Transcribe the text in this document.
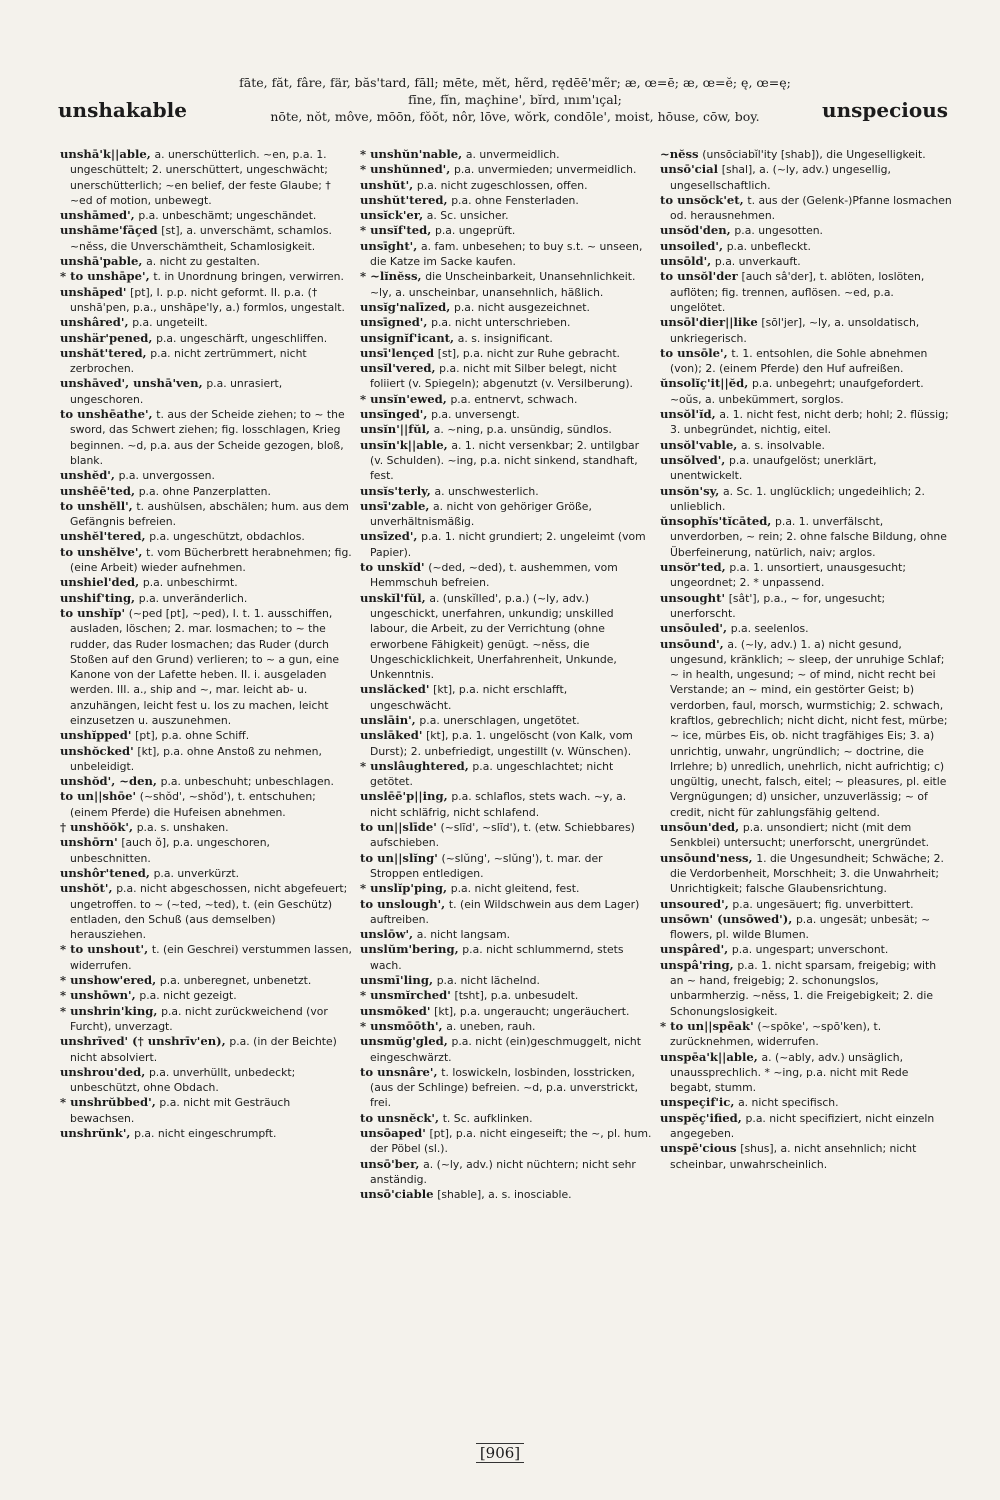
unshakable
fāte, făt, fâre, fär, băs'tard, fāll; mēte, mĕt, hẽrd, rędēē'mẽr; æ, œ=ē; æ, œ=ĕ; ę, œ=ę;
fīne, fĭn, maçhine', bĭrd, ınım'ıçal;
nōte, nŏt, môve, mōōn, fŏŏt, nôr, lōve, wŏrk, condōle', moist, hōuse, cōw, boy.	unspecious

unshā'k||able, a. unerschütterlich. ~en, p.a. 1. ungeschüttelt; 2. unerschüttert, ungeschwächt; unerschütterlich; ~en belief, der feste Glaube; † ~ed of motion, unbewegt.

unshāmed', p.a. unbeschämt; ungeschändet.

unshāme'fāçed [st], a. unverschämt, schamlos. ~nĕss, die Unverschämtheit, Schamlosigkeit.

unshā'pable, a. nicht zu gestalten.

* to unshāpe', t. in Unordnung bringen, verwirren.

unshāped' [pt], I. p.p. nicht geformt. II. p.a. († unshā'pen, p.a., unshāpe'ly, a.) formlos, ungestalt.

unshâred', p.a. ungeteilt.

unshär'pened, p.a. ungeschärft, ungeschliffen.

unshăt'tered, p.a. nicht zertrümmert, nicht zerbrochen.

unshāved', unshā'ven, p.a. unrasiert, ungeschoren.

to unshēathe', t. aus der Scheide ziehen; to ~ the sword, das Schwert ziehen; fig. losschlagen, Krieg beginnen. ~d, p.a. aus der Scheide gezogen, bloß, blank.

unshĕd', p.a. unvergossen.

unshēē'ted, p.a. ohne Panzerplatten.

to unshĕll', t. aushülsen, abschälen; hum. aus dem Gefängnis befreien.

unshĕl'tered, p.a. ungeschützt, obdachlos.

to unshĕlve', t. vom Bücherbrett herabnehmen; fig. (eine Arbeit) wieder aufnehmen.

unshiel'ded, p.a. unbeschirmt.

unshif'ting, p.a. unveränderlich.

to unshĭp' (~ped [pt], ~ped), I. t. 1. ausschiffen, ausladen, löschen; 2. mar. losmachen; to ~ the rudder, das Ruder losmachen; das Ruder (durch Stoßen auf den Grund) verlieren; to ~ a gun, eine Kanone von der Lafette heben. II. i. ausgeladen werden. III. a., ship and ~, mar. leicht ab- u. anzuhängen, leicht fest u. los zu machen, leicht einzusetzen u. auszunehmen.

unshĭpped' [pt], p.a. ohne Schiff.

unshŏcked' [kt], p.a. ohne Anstoß zu nehmen, unbeleidigt.

unshŏd', ~den, p.a. unbeschuht; unbeschlagen.

to un||shōe' (~shŏd', ~shŏd'), t. entschuhen; (einem Pferde) die Hufeisen abnehmen.

† unshŏŏk', p.a. s. unshaken.

unshōrn' [auch ŏ], p.a. ungeschoren, unbeschnitten.

unshôr'tened, p.a. unverkürzt.

unshŏt', p.a. nicht abgeschossen, nicht abgefeuert; ungetroffen. to ~ (~ted, ~ted), t. (ein Geschütz) entladen, den Schuß (aus demselben) herausziehen.

* to unshout', t. (ein Geschrei) verstummen lassen, widerrufen.

* unshow'ered, p.a. unberegnet, unbenetzt.

* unshōwn', p.a. nicht gezeigt.

* unshrin'king, p.a. nicht zurückweichend (vor Furcht), unverzagt.

unshrīved' († unshrīv'en), p.a. (in der Beichte) nicht absolviert.

unshrou'ded, p.a. unverhüllt, unbedeckt; unbeschützt, ohne Obdach.

* unshrŭbbed', p.a. nicht mit Gesträuch bewachsen.

unshrŭnk', p.a. nicht eingeschrumpft.

* unshŭn'nable, a. unvermeidlich.

* unshŭnned', p.a. unvermieden; unvermeidlich.

unshŭt', p.a. nicht zugeschlossen, offen.

unshŭt'tered, p.a. ohne Fensterladen.

unsĭck'er, a. Sc. unsicher.

* unsĭf'ted, p.a. ungeprüft.

unsīght', a. fam. unbesehen; to buy s.t. ~ unseen, die Katze im Sacke kaufen.

* ~lĭnĕss, die Unscheinbarkeit, Unansehnlichkeit. ~ly, a. unscheinbar, unansehnlich, häßlich.

unsĭg'nalīzed, p.a. nicht ausgezeichnet.

unsīgned', p.a. nicht unterschrieben.

unsignĭf'icant, a. s. insignificant.

unsī'lençed [st], p.a. nicht zur Ruhe gebracht.

unsĭl'vered, p.a. nicht mit Silber belegt, nicht foliiert (v. Spiegeln); abgenutzt (v. Versilberung).

* unsĭn'ewed, p.a. entnervt, schwach.

unsĭnged', p.a. unversengt.

unsĭn'||fŭl, a. ~ning, p.a. unsündig, sündlos.

unsĭn'k||able, a. 1. nicht versenkbar; 2. untilgbar (v. Schulden). ~ing, p.a. nicht sinkend, standhaft, fest.

unsĭs'terly, a. unschwesterlich.

unsī'zable, a. nicht von gehöriger Größe, unverhältnismäßig.

unsīzed', p.a. 1. nicht grundiert; 2. ungeleimt (vom Papier).

to unskĭd' (~ded, ~ded), t. aushemmen, vom Hemmschuh befreien.

unskĭl'fŭl, a. (unskĭlled', p.a.) (~ly, adv.) ungeschickt, unerfahren, unkundig; unskilled labour, die Arbeit, zu der Verrichtung (ohne erworbene Fähigkeit) genügt. ~nĕss, die Ungeschicklichkeit, Unerfahrenheit, Unkunde, Unkenntnis.

unslăcked' [kt], p.a. nicht erschlafft, ungeschwächt.

unslāin', p.a. unerschlagen, ungetötet.

unslāked' [kt], p.a. 1. ungelöscht (von Kalk, vom Durst); 2. unbefriedigt, ungestillt (v. Wünschen).

* unslâughtered, p.a. ungeschlachtet; nicht getötet.

unslēē'p||ing, p.a. schlaflos, stets wach. ~y, a. nicht schläfrig, nicht schlafend.

to un||slīde' (~slīd', ~slīd'), t. (etw. Schiebbares) aufschieben.

to un||slĭng' (~slŭng', ~slŭng'), t. mar. der Stroppen entledigen.

* unslĭp'ping, p.a. nicht gleitend, fest.

to unslough', t. (ein Wildschwein aus dem Lager) auftreiben.

unslōw', a. nicht langsam.

unslŭm'bering, p.a. nicht schlummernd, stets wach.

unsmī'ling, p.a. nicht lächelnd.

* unsmĭrched' [tsht], p.a. unbesudelt.

unsmōked' [kt], p.a. ungeraucht; ungeräuchert.

* unsmōōth', a. uneben, rauh.

unsmŭg'gled, p.a. nicht (ein)geschmuggelt, nicht eingeschwärzt.

to unsnâre', t. loswickeln, losbinden, losstricken, (aus der Schlinge) befreien. ~d, p.a. unverstrickt, frei.

to unsnĕck', t. Sc. aufklinken.

unsōaped' [pt], p.a. nicht eingeseift; the ~, pl. hum. der Pöbel (sl.).

unsō'ber, a. (~ly, adv.) nicht nüchtern; nicht sehr anständig.

unsō'ciable [shable], a. s. inosciable.

~nĕss (unsōciabĭl'ity [shab]), die Ungeselligkeit.

unsō'cial [shal], a. (~ly, adv.) ungesellig, ungesellschaftlich.

to unsŏck'et, t. aus der (Gelenk-)Pfanne losmachen od. herausnehmen.

unsŏd'den, p.a. ungesotten.

unsoiled', p.a. unbefleckt.

unsōld', p.a. unverkauft.

to unsŏl'der [auch sâ'der], t. ablöten, loslöten, auflöten; fig. trennen, auflösen. ~ed, p.a. ungelötet.

unsōl'dier||like [sōl'jer], ~ly, a. unsoldatisch, unkriegerisch.

to unsōle', t. 1. entsohlen, die Sohle abnehmen (von); 2. (einem Pferde) den Huf aufreißen.

ŭnsolĭç'it||ĕd, p.a. unbegehrt; unaufgefordert. ~oŭs, a. unbekümmert, sorglos.

unsŏl'ĭd, a. 1. nicht fest, nicht derb; hohl; 2. flüssig; 3. unbegründet, nichtig, eitel.

unsŏl'vable, a. s. insolvable.

unsŏlved', p.a. unaufgelöst; unerklärt, unentwickelt.

unsŏn'sy, a. Sc. 1. unglücklich; ungedeihlich; 2. unlieblich.

ŭnsophĭs'tĭcāted, p.a. 1. unverfälscht, unverdorben, ~ rein; 2. ohne falsche Bildung, ohne Überfeinerung, natürlich, naiv; arglos.

unsŏr'ted, p.a. 1. unsortiert, unausgesucht; ungeordnet; 2. * unpassend.

unsought' [sât'], p.a., ~ for, ungesucht; unerforscht.

unsōuled', p.a. seelenlos.

unsōund', a. (~ly, adv.) 1. a) nicht gesund, ungesund, kränklich; ~ sleep, der unruhige Schlaf; ~ in health, ungesund; ~ of mind, nicht recht bei Verstande; an ~ mind, ein gestörter Geist; b) verdorben, faul, morsch, wurmstichig; 2. schwach, kraftlos, gebrechlich; nicht dicht, nicht fest, mürbe; ~ ice, mürbes Eis, ob. nicht tragfähiges Eis; 3. a) unrichtig, unwahr, ungründlich; ~ doctrine, die Irrlehre; b) unredlich, unehrlich, nicht aufrichtig; c) ungültig, unecht, falsch, eitel; ~ pleasures, pl. eitle Vergnügungen; d) unsicher, unzuverlässig; ~ of credit, nicht für zahlungsfähig geltend.

unsōun'ded, p.a. unsondiert; nicht (mit dem Senkblei) untersucht; unerforscht, unergründet.

unsōund'ness, 1. die Ungesundheit; Schwäche; 2. die Verdorbenheit, Morschheit; 3. die Unwahrheit; Unrichtigkeit; falsche Glaubensrichtung.

unsoured', p.a. ungesäuert; fig. unverbittert.

unsōwn' (unsōwed'), p.a. ungesät; unbesät; ~ flowers, pl. wilde Blumen.

unspâred', p.a. ungespart; unverschont.

unspâ'ring, p.a. 1. nicht sparsam, freigebig; with an ~ hand, freigebig; 2. schonungslos, unbarmherzig. ~nĕss, 1. die Freigebigkeit; 2. die Schonungslosigkeit.

* to un||spēak' (~spōke', ~spō'ken), t. zurücknehmen, widerrufen.

unspēa'k||able, a. (~ably, adv.) unsäglich, unaussprechlich. * ~ing, p.a. nicht mit Rede begabt, stumm.

unspeçif'ic, a. nicht specifisch.

unspĕç'ified, p.a. nicht specifiziert, nicht einzeln angegeben.

unspē'cious [shus], a. nicht ansehnlich; nicht scheinbar, unwahrscheinlich.

[906]
